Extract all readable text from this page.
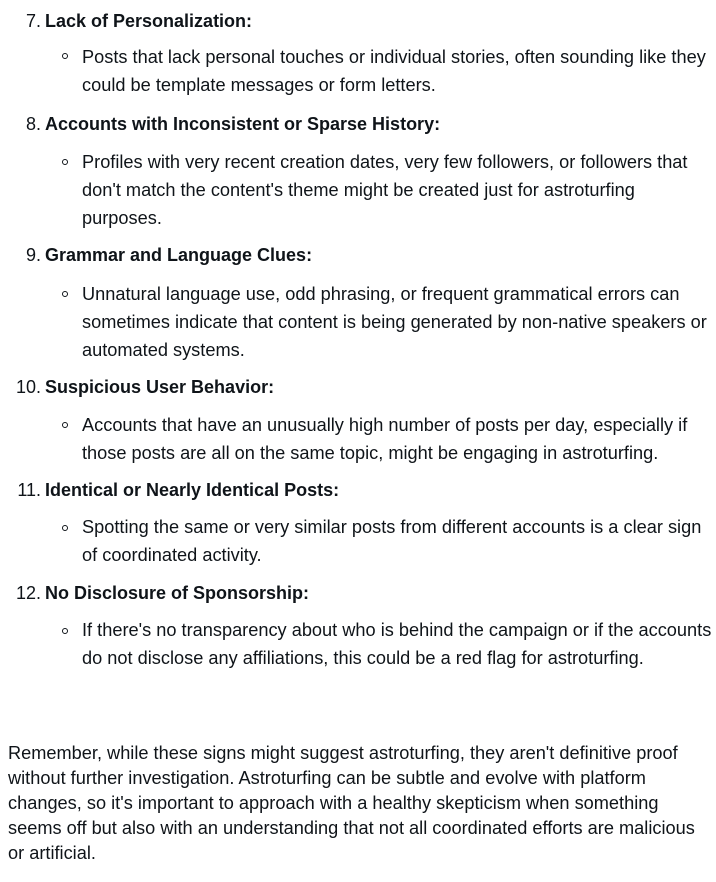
7. Lack of Personalization:
Posts that lack personal touches or individual stories, often sounding like they could be template messages or form letters.
8. Accounts with Inconsistent or Sparse History:
Profiles with very recent creation dates, very few followers, or followers that don't match the content's theme might be created just for astroturfing purposes.
9. Grammar and Language Clues:
Unnatural language use, odd phrasing, or frequent grammatical errors can sometimes indicate that content is being generated by non-native speakers or automated systems.
10. Suspicious User Behavior:
Accounts that have an unusually high number of posts per day, especially if those posts are all on the same topic, might be engaging in astroturfing.
11. Identical or Nearly Identical Posts:
Spotting the same or very similar posts from different accounts is a clear sign of coordinated activity.
12. No Disclosure of Sponsorship:
If there's no transparency about who is behind the campaign or if the accounts do not disclose any affiliations, this could be a red flag for astroturfing.

Remember, while these signs might suggest astroturfing, they aren't definitive proof without further investigation. Astroturfing can be subtle and evolve with platform changes, so it's important to approach with a healthy skepticism when something seems off but also with an understanding that not all coordinated efforts are malicious or artificial.
